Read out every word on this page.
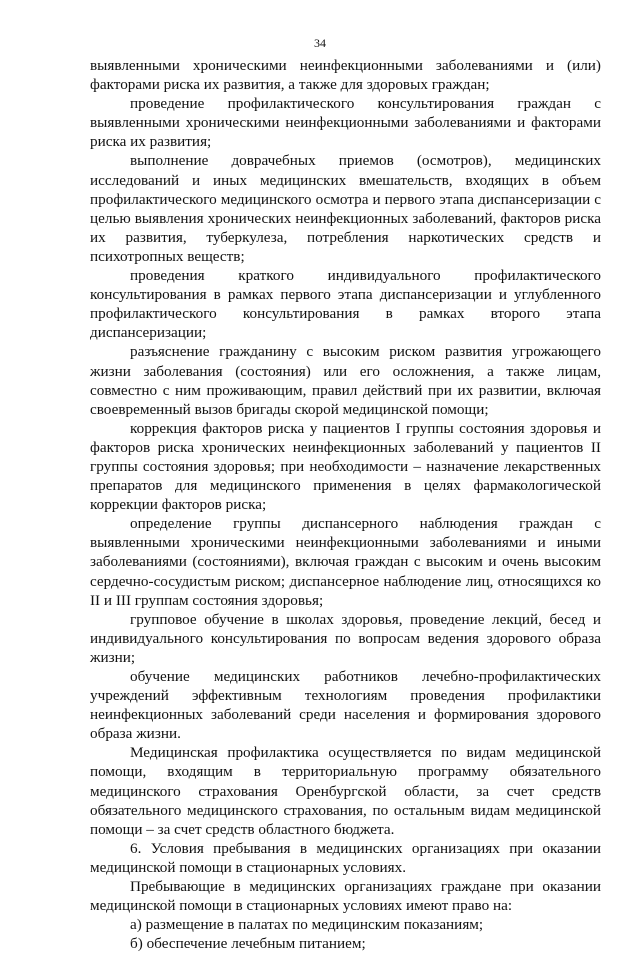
34

выявленными хроническими неинфекционными заболеваниями и (или) факторами риска их развития, а также для здоровых граждан;

проведение профилактического консультирования граждан с выявленными хроническими неинфекционными заболеваниями и факторами риска их развития;

выполнение доврачебных приемов (осмотров), медицинских исследований и иных медицинских вмешательств, входящих в объем профилактического медицинского осмотра и первого этапа диспансеризации с целью выявления хронических неинфекционных заболеваний, факторов риска их развития, туберкулеза, потребления наркотических средств и психотропных веществ;

проведения краткого индивидуального профилактического консультирования в рамках первого этапа диспансеризации и углубленного профилактического консультирования в рамках второго этапа диспансеризации;

разъяснение гражданину с высоким риском развития угрожающего жизни заболевания (состояния) или его осложнения, а также лицам, совместно с ним проживающим, правил действий при их развитии, включая своевременный вызов бригады скорой медицинской помощи;

коррекция факторов риска у пациентов I группы состояния здоровья и факторов риска хронических неинфекционных заболеваний у пациентов II группы состояния здоровья; при необходимости – назначение лекарственных препаратов для медицинского применения в целях фармакологической коррекции факторов риска;

определение группы диспансерного наблюдения граждан с выявленными хроническими неинфекционными заболеваниями и иными заболеваниями (состояниями), включая граждан с высоким и очень высоким сердечно-сосудистым риском; диспансерное наблюдение лиц, относящихся ко II и III группам состояния здоровья;

групповое обучение в школах здоровья, проведение лекций, бесед и индивидуального консультирования по вопросам ведения здорового образа жизни;

обучение медицинских работников лечебно-профилактических учреждений эффективным технологиям проведения профилактики неинфекционных заболеваний среди населения и формирования здорового образа жизни.

Медицинская профилактика осуществляется по видам медицинской помощи, входящим в территориальную программу обязательного медицинского страхования Оренбургской области, за счет средств обязательного медицинского страхования, по остальным видам медицинской помощи – за счет средств областного бюджета.

6. Условия пребывания в медицинских организациях при оказании медицинской помощи в стационарных условиях.

Пребывающие в медицинских организациях граждане при оказании медицинской помощи в стационарных условиях имеют право на:

а) размещение в палатах по медицинским показаниям;

б) обеспечение лечебным питанием;
